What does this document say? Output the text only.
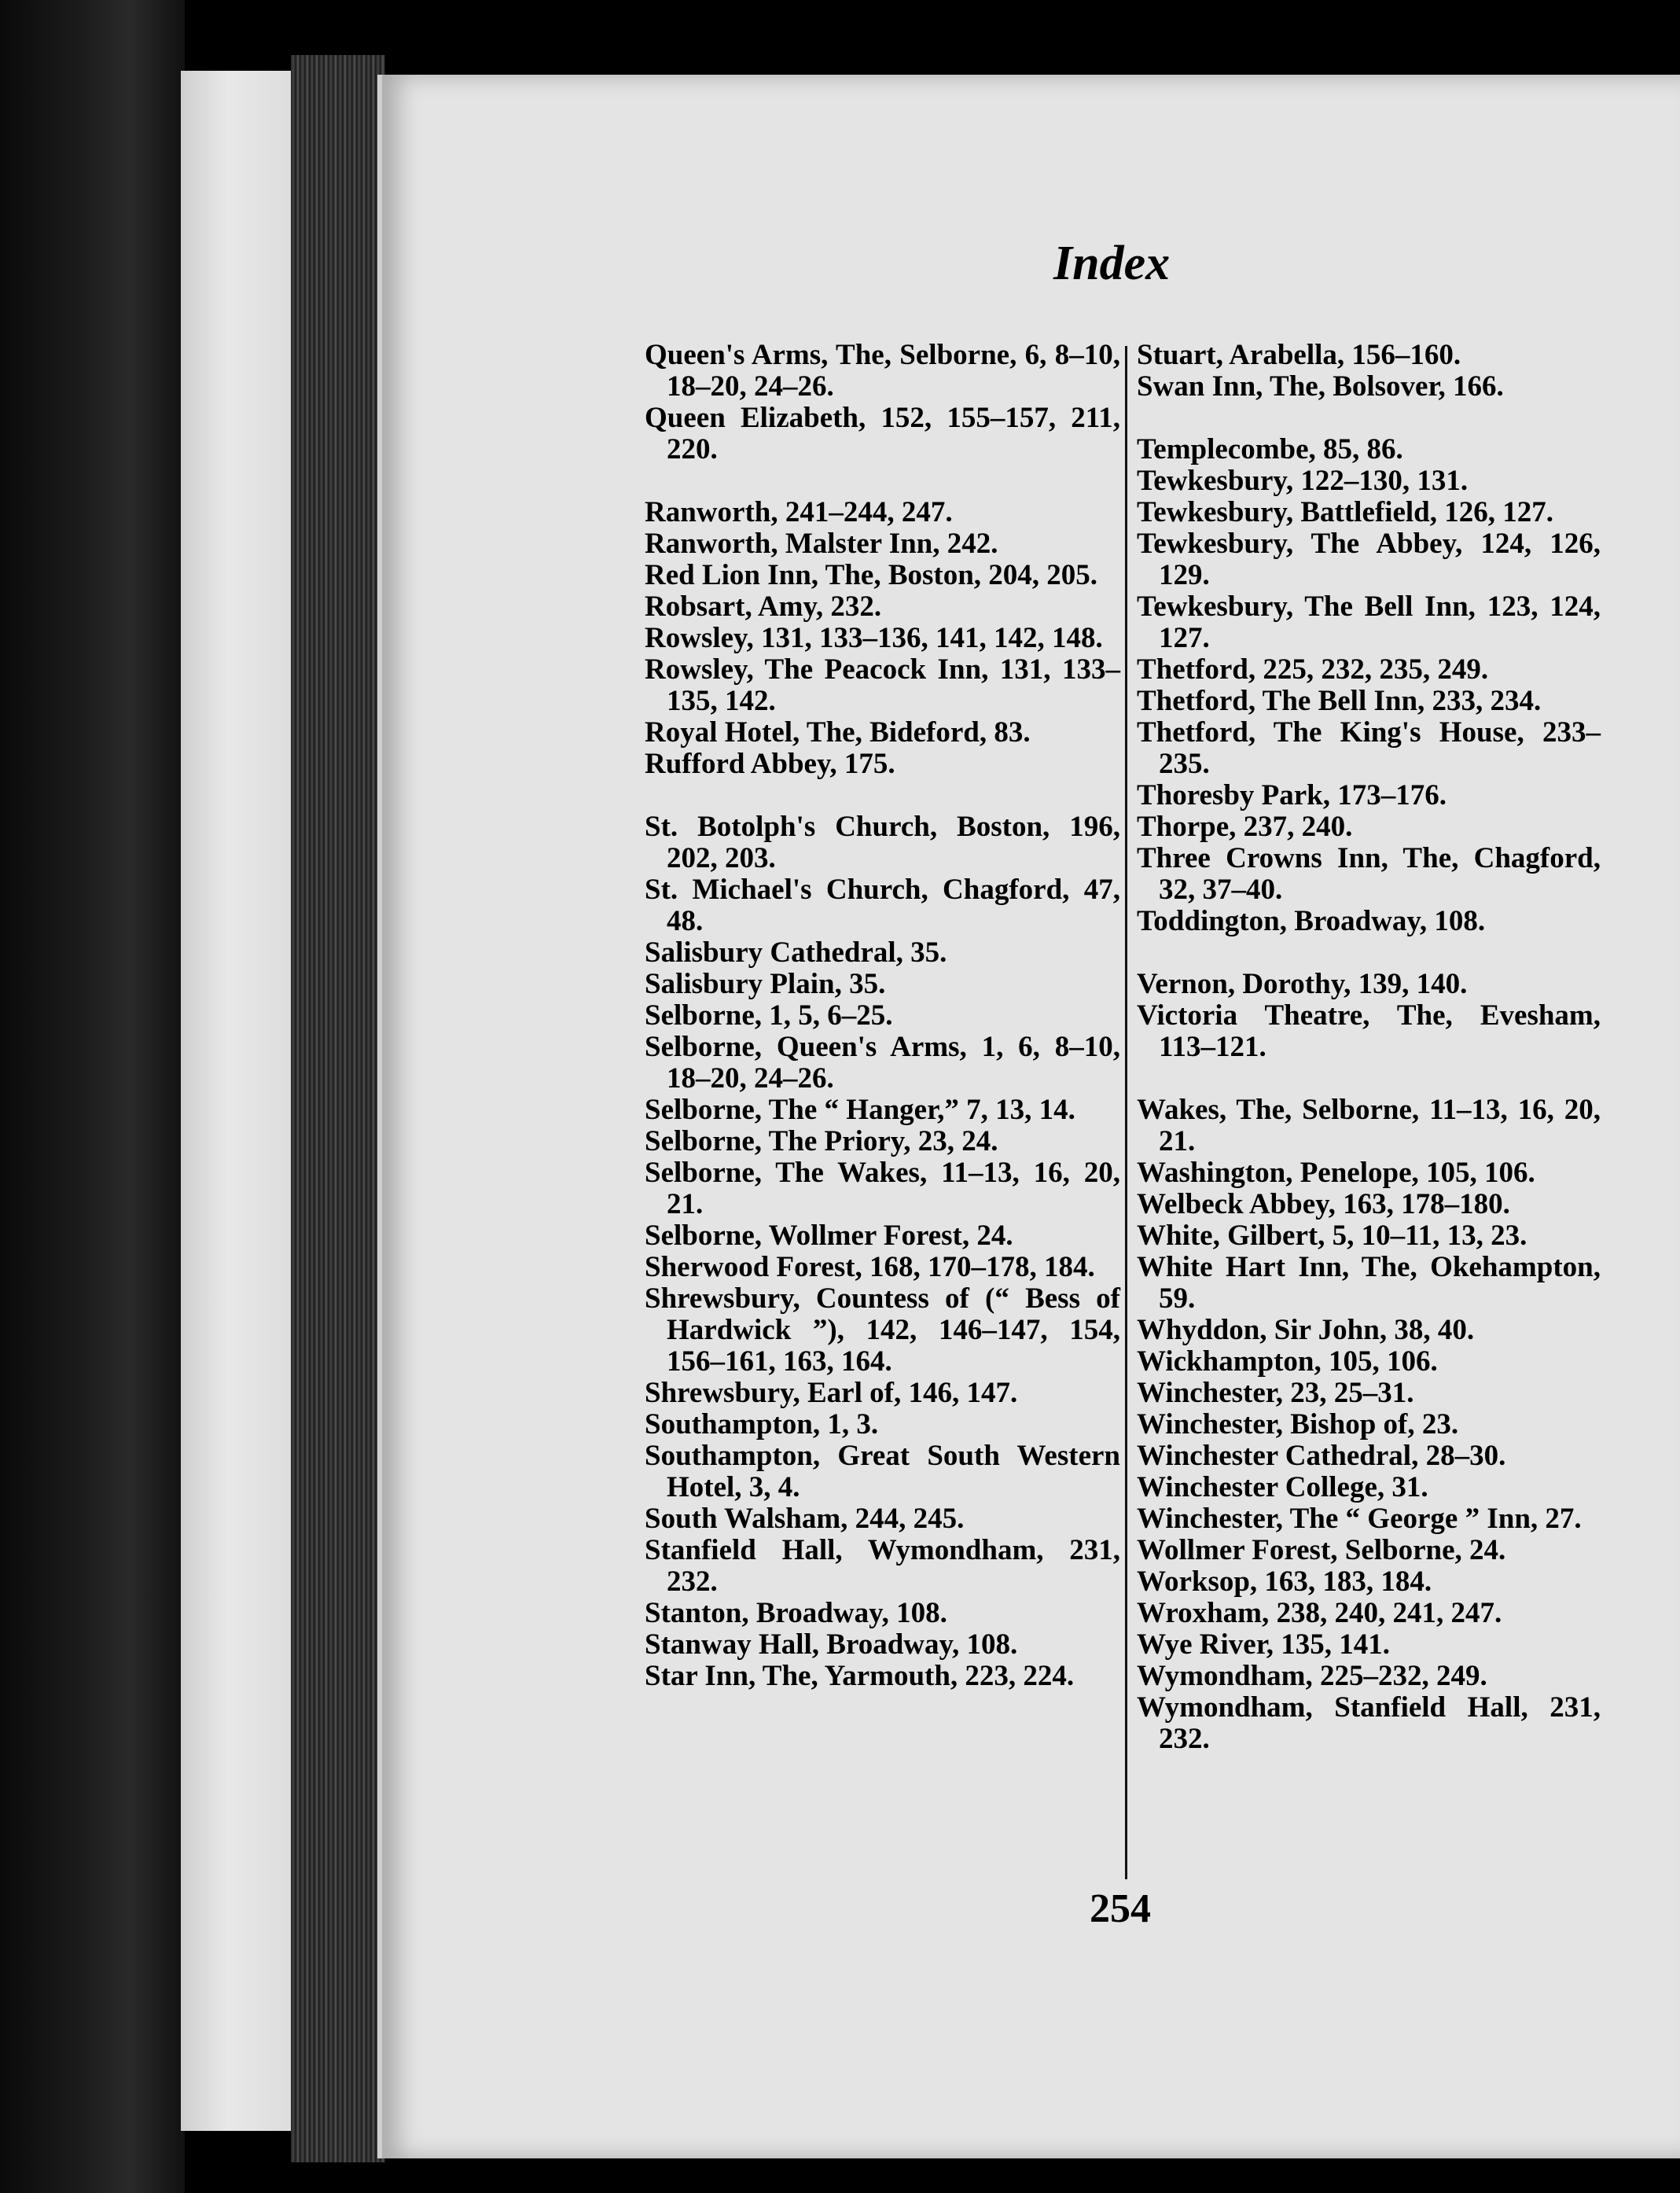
Index

Queen's Arms, The, Selborne, 6, 8–10, 18–20, 24–26.

Queen Elizabeth, 152, 155–157, 211, 220.

Ranworth, 241–244, 247.

Ranworth, Malster Inn, 242.

Red Lion Inn, The, Boston, 204, 205.

Robsart, Amy, 232.

Rowsley, 131, 133–136, 141, 142, 148.

Rowsley, The Peacock Inn, 131, 133–135, 142.

Royal Hotel, The, Bideford, 83.

Rufford Abbey, 175.

St. Botolph's Church, Boston, 196, 202, 203.

St. Michael's Church, Chagford, 47, 48.

Salisbury Cathedral, 35.

Salisbury Plain, 35.

Selborne, 1, 5, 6–25.

Selborne, Queen's Arms, 1, 6, 8–10, 18–20, 24–26.

Selborne, The “ Hanger,” 7, 13, 14.

Selborne, The Priory, 23, 24.

Selborne, The Wakes, 11–13, 16, 20, 21.

Selborne, Wollmer Forest, 24.

Sherwood Forest, 168, 170–178, 184.

Shrewsbury, Countess of (“ Bess of Hardwick ”), 142, 146–147, 154, 156–161, 163, 164.

Shrewsbury, Earl of, 146, 147.

Southampton, 1, 3.

Southampton, Great South Western Hotel, 3, 4.

South Walsham, 244, 245.

Stanfield Hall, Wymondham, 231, 232.

Stanton, Broadway, 108.

Stanway Hall, Broadway, 108.

Star Inn, The, Yarmouth, 223, 224.

Stuart, Arabella, 156–160.

Swan Inn, The, Bolsover, 166.

Templecombe, 85, 86.

Tewkesbury, 122–130, 131.

Tewkesbury, Battlefield, 126, 127.

Tewkesbury, The Abbey, 124, 126, 129.

Tewkesbury, The Bell Inn, 123, 124, 127.

Thetford, 225, 232, 235, 249.

Thetford, The Bell Inn, 233, 234.

Thetford, The King's House, 233–235.

Thoresby Park, 173–176.

Thorpe, 237, 240.

Three Crowns Inn, The, Chagford, 32, 37–40.

Toddington, Broadway, 108.

Vernon, Dorothy, 139, 140.

Victoria Theatre, The, Evesham, 113–121.

Wakes, The, Selborne, 11–13, 16, 20, 21.

Washington, Penelope, 105, 106.

Welbeck Abbey, 163, 178–180.

White, Gilbert, 5, 10–11, 13, 23.

White Hart Inn, The, Okehampton, 59.

Whyddon, Sir John, 38, 40.

Wickhampton, 105, 106.

Winchester, 23, 25–31.

Winchester, Bishop of, 23.

Winchester Cathedral, 28–30.

Winchester College, 31.

Winchester, The “ George ” Inn, 27.

Wollmer Forest, Selborne, 24.

Worksop, 163, 183, 184.

Wroxham, 238, 240, 241, 247.

Wye River, 135, 141.

Wymondham, 225–232, 249.

Wymondham, Stanfield Hall, 231, 232.

254
